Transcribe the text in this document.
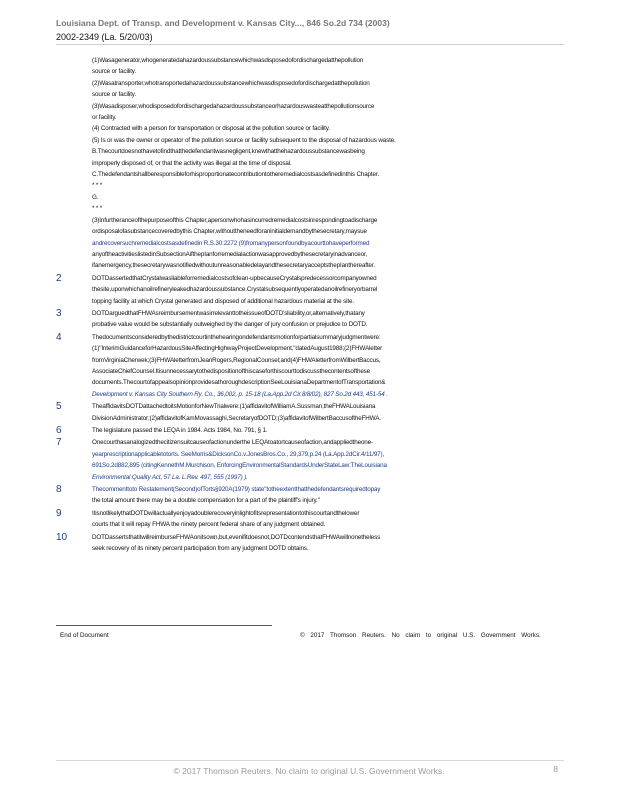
Louisiana Dept. of Transp. and Development v. Kansas City..., 846 So.2d 734 (2003)
2002-2349 (La. 5/20/03)

(1)Wasagenerator,whogeneratedahazardoussubstancewhichwasdisposedofordischargedatthepollution

source or facility.

(2)Wasatransporter,whotransportedahazardoussubstancewhichwasdisposedofordischargedatthepollution

source or facility.

(3)Wasadisposer,whodisposedofordischargedahazardoussubstanceorhazardouswasteatthepollutionsource

or facility.

(4) Contracted with a person for transportation or disposal at the pollution source or facility.

(5) Is or was the owner or operator of the pollution source or facility subsequent to the disposal of hazardous waste.

B.Thecourtdoesnothavetofindthatthedefendantwasnegligent,knewthatthehazardoussubstancewasbeing

improperly disposed of, or that the activity was illegal at the time of disposal.

C.Thedefendantshallberesponsibleforhisproportionatecontributiontotheremedialcostsasdefinedinthis Chapter.

* * *

G.

* * *

(3)Infurtheranceofthepurposeofthis Chapter,apersonwhohasincurredremedialcostsinrespondingtoadischarge

ordisposalofasubstancecoveredbythis Chapter,withouttheneedforaninitialdemandbythesecretary,maysue

andrecoversuchremedialcostsasdefinedin R.S.30:2272 (9)fromanypersonfoundbyacourttohaveperformed

anyoftheactivitieslistedinSubsectionAifthepIanforremedialactionwasapprovedbythesecretaryinadvanceor,

ifanemergency,thesecretarywasnotifiedwithoutunreasonabledelayandthesecretaryacceptsthepIanthereafter.

2	DOTDassertedthatCrystalwasliableforremedialcostsofclean-upbecauseCrystalspredecessorcompanyowned

thesite,uponwhichanoilrefineryleakedhazardoussubstance.Crystalsubsequentlyoperatedanoilrefineryorbarrel

topping facility at which Crystal generated and disposed of additional hazardous material at the site.

3	DOTDarguedthatFHWAsreimbursementwasirrelevanttotheissueofDOTD'sliability,or,alternatively,thatany

probative value would be substantially outweighed by the danger of jury confusion or prejudice to DOTD.

4	Thedocumentsconsideredbythedistrictcourtinthehearingondefendantsmotionforpartialsummaryjudgmentwere:

(1)"InterimGuidanceforHazardousSiteAffectingHighwayProjectDevelopment,"datedAugust1988;(2)FHWAletter

fromVirginiaCherwek;(3)FHWAletterfromJeanRogers,RegionalCounsel;and(4)FHWAletterfromWilbertBaccus,

AssociateChiefCounsel.Itisunnecessarytothedispositionofthiscaseforthiscourttodiscussthecontentsofthese

documents.ThecourtofappealsopinionprovidesathoroughdescriptionSeeLouisianaDepartmentofTransportation&

Development v. Kansas City Southern Ry. Co., 36,002, p. 15-18 (La.App.2d Cir.8/8/02), 827 So.2d 443, 451-54 .

5	TheaffidavitsDOTDattachedtoitsMotionforNewTrialwere:(1)affidavitofWilliamA.Sussman,theFHWALouisiana

DivisionAdministrator;(2)affidavitofKamMovassaghi,SecretaryofDOTD;(3)affidavitofWilbertBaccusoftheFHWA.

6	The legislature passed the LEQA in 1984. Acts 1984, No. 791, § 1.

7	Onecourthasanalogizedthecitizensuitcauseofactionunderthe LEQAtoatortcauseofaction,andappliedtheone-

yearprescriptionapplicabletotorts. SeeMorris&DicksonCo.v.JonesBros.Co., 29,379,p.24 (La.App.2dCir.4/11/97),

691So.2d882,895 (citingKennethM.Murchison, EnforcingEnvironmentalStandardsUnderStateLaw:TheLouisiana

Environmental Quality Act, 57 La. L.Rev. 497, 555 (1997) ).

8	Thecommenttoto Restatement(Second)ofTorts§920A(1979) state"totheextentthatthedefendantsrequiredtopay

the total amount there may be a double compensation for a part of the plaintiff's injury."

9	ItisnotlikelythatDOTDwillactuallyenjoyadoublerecoveryinlightofitsrepresentationtothiscourtandthelower

courts that it will repay FHWA the ninety percent federal share of any judgment obtained.

10	DOTDassertsthatitwillreimburseFHWAonitsown,but,evenifitdoesnot,DOTDcontendsthatFHWAwillnonetheless

seek recovery of its ninety percent participation from any judgment DOTD obtains.

End of Document	© 2017 Thomson Reuters. No claim to original U.S. Government Works.
© 2017 Thomson Reuters. No claim to original U.S. Government Works.	8
